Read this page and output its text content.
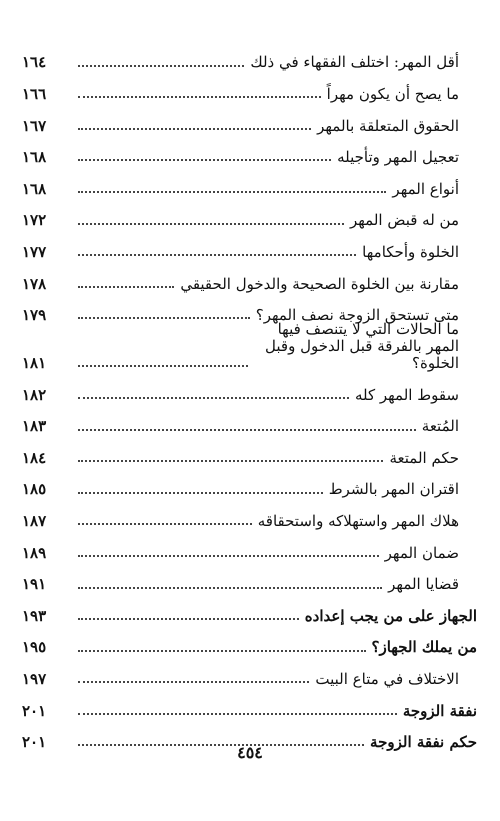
أقل المهر: اختلف الفقهاء في ذلك
١٦٤
ما يصح أن يكون مهراً
١٦٦
الحقوق المتعلقة بالمهر
١٦٧
تعجيل المهر وتأجيله
١٦٨
أنواع المهر
١٦٨
من له قبض المهر
١٧٢
الخلوة وأحكامها
١٧٧
مقارنة بين الخلوة الصحيحة والدخول الحقيقي
١٧٨
متى تستحق الزوجة نصف المهر؟
١٧٩
ما الحالات التي لا يتنصف فيها المهر بالفرقة قبل الدخول وقبل الخلوة؟
١٨١
سقوط المهر كله
١٨٢
المُتعة
١٨٣
حكم المتعة
١٨٤
اقتران المهر بالشرط
١٨٥
هلاك المهر واستهلاكه واستحقاقه
١٨٧
ضمان المهر
١٨٩
قضايا المهر
١٩١
الجهاز على من يجب إعداده
١٩٣
من يملك الجهاز؟
١٩٥
الاختلاف في متاع البيت
١٩٧
نفقة الزوجة
٢٠١
حكم نفقة الزوجة
٢٠١
٤٥٤
